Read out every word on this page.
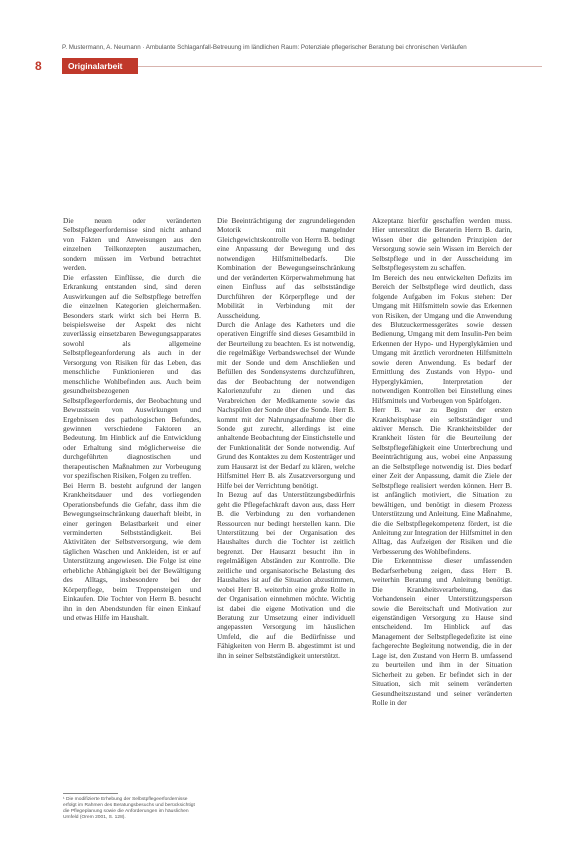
P. Mustermann, A. Neumann · Ambulante Schlaganfall-Betreuung im ländlichen Raum: Potenziale pflegerischer Beratung bei chronischen Verläufen
8	Originalarbeit

Die neuen oder veränderten Selbstpflegeerfordernisse sind nicht anhand von Fakten und Anweisungen aus den einzelnen Teilkonzepten auszumachen, sondern müssen im Verbund betrachtet werden.

Die erfassten Einflüsse, die durch die Erkrankung entstanden sind, sind deren Auswirkungen auf die Selbstpflege betreffen die einzelnen Kategorien gleichermaßen. Besonders stark wirkt sich bei Herrn B. beispielsweise der Aspekt des nicht zuverlässig einsetzbaren Bewegungsapparates sowohl als allgemeine Selbstpflegeanforderung als auch in der Versorgung von Risiken für das Leben, das menschliche Funktionieren und das menschliche Wohlbefinden aus. Auch beim gesundheitsbezogenen Selbstpflegeerfordernis, der Beobachtung und Bewusstsein von Auswirkungen und Ergebnissen des pathologischen Befundes, gewinnen verschiedene Faktoren an Bedeutung. Im Hinblick auf die Entwicklung oder Erhaltung sind möglicherweise die durchgeführten diagnostischen und therapeutischen Maßnahmen zur Vorbeugung vor spezifischen Risiken, Folgen zu treffen.

Bei Herrn B. besteht aufgrund der langen Krankheitsdauer und des vorliegenden Operationsbefunds die Gefahr, dass ihm die Bewegungseinschränkung dauerhaft bleibt, in einer geringen Belastbarkeit und einer verminderten Selbstständigkeit. Bei Aktivitäten der Selbstversorgung, wie dem täglichen Waschen und Ankleiden, ist er auf Unterstützung angewiesen. Die Folge ist eine erhebliche Abhängigkeit bei der Bewältigung des Alltags, insbesondere bei der Körperpflege, beim Treppensteigen und Einkaufen. Die Tochter von Herrn B. besucht ihn in den Abendstunden für einen Einkauf und etwas Hilfe im Haushalt.

Die Beeinträchtigung der zugrundeliegenden Motorik mit mangelnder Gleichgewichtskontrolle von Herrn B. bedingt eine Anpassung der Bewegung und des notwendigen Hilfsmittelbedarfs. Die Kombination der Bewegungseinschränkung und der veränderten Körperwahrnehmung hat einen Einfluss auf das selbstständige Durchführen der Körperpflege und der Mobilität in Verbindung mit der Ausscheidung.

Durch die Anlage des Katheters und die operativen Eingriffe sind dieses Gesamtbild in der Beurteilung zu beachten. Es ist notwendig, die regelmäßige Verbandswechsel der Wunde mit der Sonde und dem Anschließen und Befüllen des Sondensystems durchzuführen, das der Beobachtung der notwendigen Kalorienzufuhr zu dienen und das Verabreichen der Medikamente sowie das Nachspülen der Sonde über die Sonde. Herr B. kommt mit der Nahrungsaufnahme über die Sonde gut zurecht, allerdings ist eine anhaltende Beobachtung der Einstichstelle und der Funktionalität der Sonde notwendig. Auf Grund des Kontaktes zu dem Kostenträger und zum Hausarzt ist der Bedarf zu klären, welche Hilfsmittel Herr B. als Zusatzversorgung und Hilfe bei der Verrichtung benötigt.

In Bezug auf das Unterstützungsbedürfnis geht die Pflegefachkraft davon aus, dass Herr B. die Verbindung zu den vorhandenen Ressourcen nur bedingt herstellen kann. Die Unterstützung bei der Organisation des Haushaltes durch die Tochter ist zeitlich begrenzt. Der Hausarzt besucht ihn in regelmäßigen Abständen zur Kontrolle. Die zeitliche und organisatorische Belastung des Haushaltes ist auf die Situation abzustimmen, wobei Herr B. weiterhin eine große Rolle in der Organisation einnehmen möchte. Wichtig ist dabei die eigene Motivation und die Beratung zur Umsetzung einer individuell angepassten Versorgung im häuslichen Umfeld, die auf die Bedürfnisse und Fähigkeiten von Herrn B. abgestimmt ist und ihn in seiner Selbstständigkeit unterstützt.

Akzeptanz hierfür geschaffen werden muss. Hier unterstützt die Beraterin Herrn B. darin, Wissen über die geltenden Prinzipien der Versorgung sowie sein Wissen im Bereich der Selbstpflege und in der Ausscheidung im Selbstpflegesystem zu schaffen.

Im Bereich des neu entwickelten Defizits im Bereich der Selbstpflege wird deutlich, dass folgende Aufgaben im Fokus stehen: Der Umgang mit Hilfsmitteln sowie das Erkennen von Risiken, der Umgang und die Anwendung des Blutzuckermessgerätes sowie dessen Bedienung, Umgang mit dem Insulin-Pen beim Erkennen der Hypo- und Hyperglykämien und Umgang mit ärztlich verordneten Hilfsmitteln sowie deren Anwendung. Es bedarf der Ermittlung des Zustands von Hypo- und Hyperglykämien, Interpretation der notwendigen Kontrollen bei Einstellung eines Hilfsmittels und Vorbeugen von Spätfolgen.

Herr B. war zu Beginn der ersten Krankheitsphase ein selbstständiger und aktiver Mensch. Die Krankheitsbilder der Krankheit lösten für die Beurteilung der Selbstpflegefähigkeit eine Unterbrechung und Beeinträchtigung aus, wobei eine Anpassung an die Selbstpflege notwendig ist. Dies bedarf einer Zeit der Anpassung, damit die Ziele der Selbstpflege realisiert werden können. Herr B. ist anfänglich motiviert, die Situation zu bewältigen, und benötigt in diesem Prozess Unterstützung und Anleitung. Eine Maßnahme, die die Selbstpflegekompetenz fördert, ist die Anleitung zur Integration der Hilfsmittel in den Alltag, das Aufzeigen der Risiken und die Verbesserung des Wohlbefindens.

Die Erkenntnisse dieser umfassenden Bedarfserhebung zeigen, dass Herr B. weiterhin Beratung und Anleitung benötigt. Die Krankheitsverarbeitung, das Vorhandensein einer Unterstützungsperson sowie die Bereitschaft und Motivation zur eigenständigen Versorgung zu Hause sind entscheidend. Im Hinblick auf das Management der Selbstpflegedefizite ist eine fachgerechte Begleitung notwendig, die in der Lage ist, den Zustand von Herrn B. umfassend zu beurteilen und ihm in der Situation Sicherheit zu geben. Er befindet sich in der Situation, sich mit seinem veränderten Gesundheitszustand und seiner veränderten Rolle in der

¹ Die modifizierte Erhebung der Selbstpflegeerfordernisse erfolgt im Rahmen des Beratungsbesuchs und berücksichtigt die Pflegeplanung sowie die Anforderungen im häuslichen Umfeld (Orem 2001, S. 128).
